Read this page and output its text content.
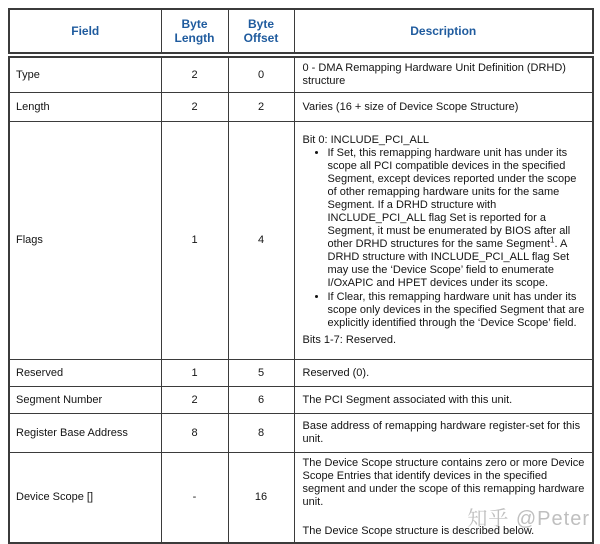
Field	Byte Length	Byte Offset	Description
Type	2	0	0 - DMA Remapping Hardware Unit Definition (DRHD) structure
Length	2	2	Varies (16 + size of Device Scope Structure)
Flags	1	4	

Bit 0: INCLUDE_PCI_ALL

• If Set, this remapping hardware unit has under its scope all PCI compatible devices in the specified Segment, except devices reported under the scope of other remapping hardware units for the same Segment. If a DRHD structure with INCLUDE_PCI_ALL flag Set is reported for a Segment, it must be enumerated by BIOS after all other DRHD structures for the same Segment$^1$. A DRHD structure with INCLUDE_PCI_ALL flag Set may use the ‘Device Scope’ field to enumerate I/OxAPIC and HPET devices under its scope.
• If Clear, this remapping hardware unit has under its scope only devices in the specified Segment that are explicitly identified through the ‘Device Scope’ field.

Bits 1-7: Reserved.

Reserved	1	5	Reserved (0).
Segment Number	2	6	The PCI Segment associated with this unit.
Register Base Address	8	8	Base address of remapping hardware register-set for this unit.
Device Scope []	-	16	The Device Scope structure contains zero or more Device Scope Entries that identify devices in the specified segment and under the scope of this remapping hardware unit.

The Device Scope structure is described below.

知乎 @Peter
